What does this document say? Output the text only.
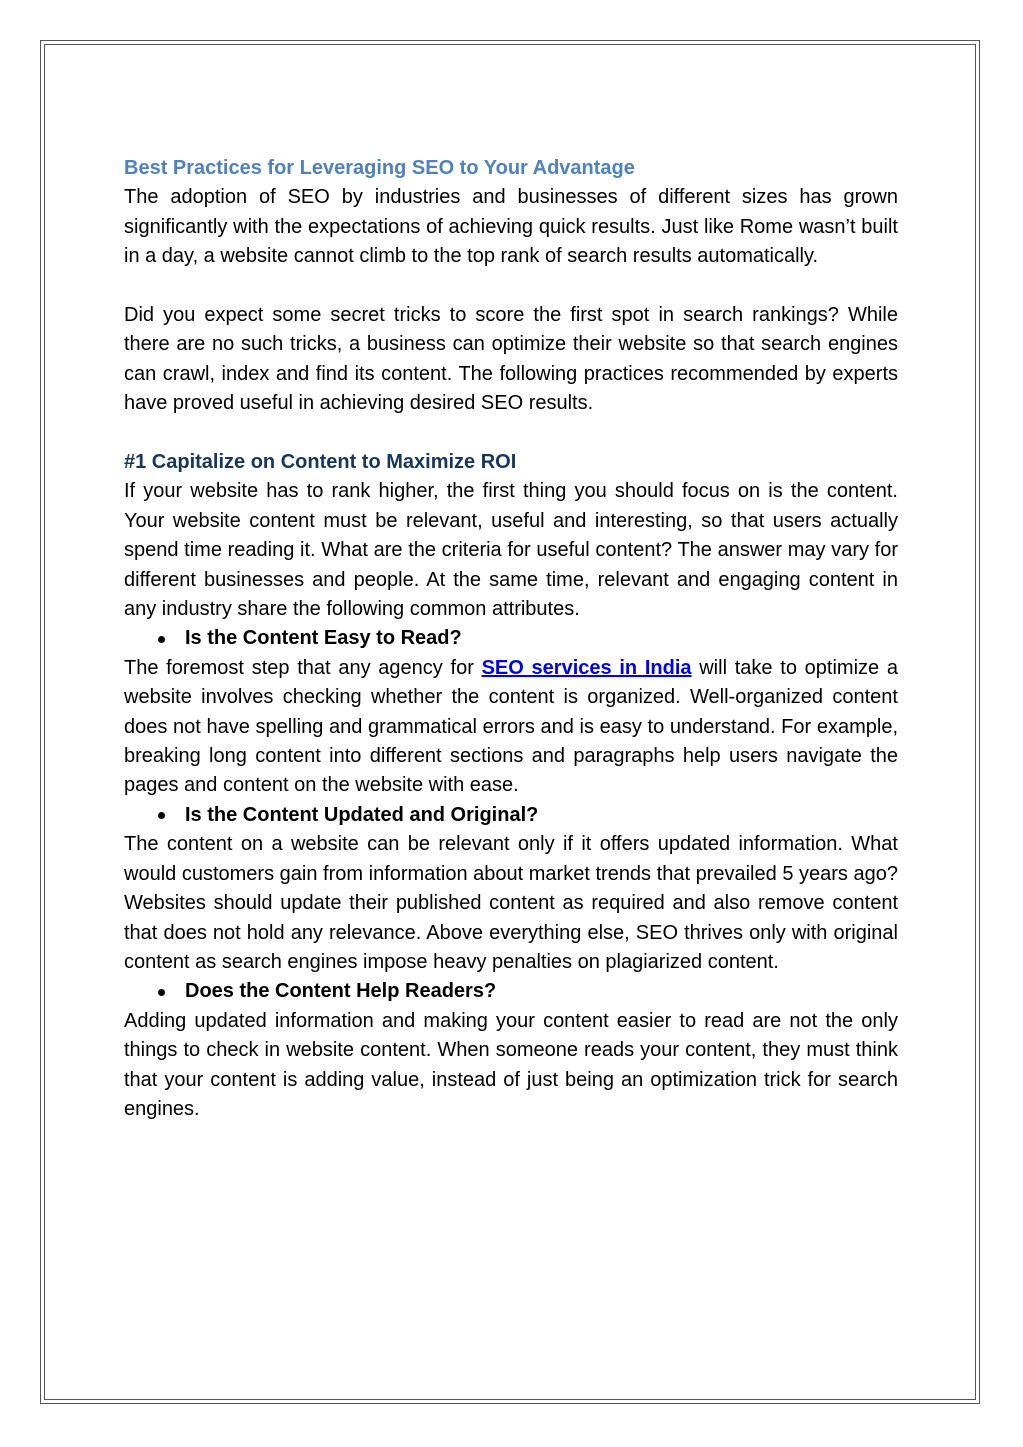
Best Practices for Leveraging SEO to Your Advantage

The adoption of SEO by industries and businesses of different sizes has grown significantly with the expectations of achieving quick results. Just like Rome wasn’t built in a day, a website cannot climb to the top rank of search results automatically.

Did you expect some secret tricks to score the first spot in search rankings? While there are no such tricks, a business can optimize their website so that search engines can crawl, index and find its content. The following practices recommended by experts have proved useful in achieving desired SEO results.

#1 Capitalize on Content to Maximize ROI

If your website has to rank higher, the first thing you should focus on is the content. Your website content must be relevant, useful and interesting, so that users actually spend time reading it. What are the criteria for useful content? The answer may vary for different businesses and people. At the same time, relevant and engaging content in any industry share the following common attributes.

Is the Content Easy to Read?

The foremost step that any agency for SEO services in India will take to optimize a website involves checking whether the content is organized. Well-organized content does not have spelling and grammatical errors and is easy to understand. For example, breaking long content into different sections and paragraphs help users navigate the pages and content on the website with ease.

Is the Content Updated and Original?

The content on a website can be relevant only if it offers updated information. What would customers gain from information about market trends that prevailed 5 years ago? Websites should update their published content as required and also remove content that does not hold any relevance. Above everything else, SEO thrives only with original content as search engines impose heavy penalties on plagiarized content.

Does the Content Help Readers?

Adding updated information and making your content easier to read are not the only things to check in website content. When someone reads your content, they must think that your content is adding value, instead of just being an optimization trick for search engines.
